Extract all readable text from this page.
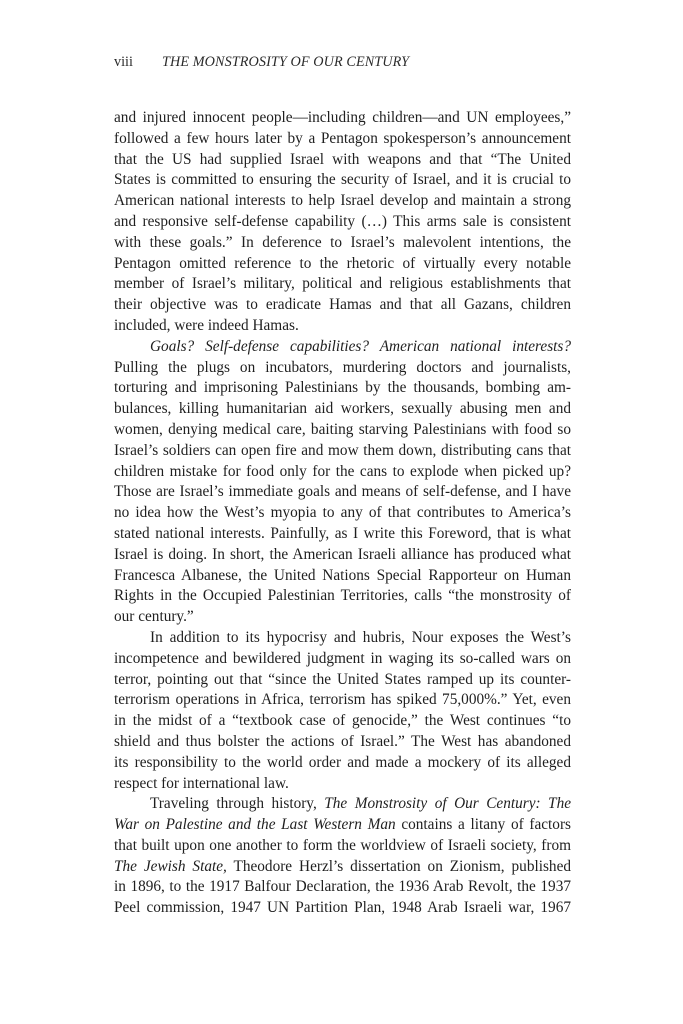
viii THE MONSTROSITY OF OUR CENTURY
and injured innocent people—including children—and UN employees,”
followed a few hours later by a Pentagon spokesperson’s announcement
that the US had supplied Israel with weapons and that “The United
States is committed to ensuring the security of Israel, and it is crucial to
American national interests to help Israel develop and maintain a strong
and responsive self-defense capability (…) This arms sale is consistent
with these goals.” In deference to Israel’s malevolent intentions, the
Pentagon omitted reference to the rhetoric of virtually every notable
member of Israel’s military, political and religious establishments that
their objective was to eradicate Hamas and that all Gazans, children
included, were indeed Hamas.
Goals? Self-defense capabilities? American national interests?
Pulling the plugs on incubators, murdering doctors and journalists,
torturing and imprisoning Palestinians by the thousands, bombing am-
bulances, killing humanitarian aid workers, sexually abusing men and
women, denying medical care, baiting starving Palestinians with food so
Israel’s soldiers can open fire and mow them down, distributing cans that
children mistake for food only for the cans to explode when picked up?
Those are Israel’s immediate goals and means of self-defense, and I have
no idea how the West’s myopia to any of that contributes to America’s
stated national interests. Painfully, as I write this Foreword, that is what
Israel is doing. In short, the American Israeli alliance has produced what
Francesca Albanese, the United Nations Special Rapporteur on Human
Rights in the Occupied Palestinian Territories, calls “the monstrosity of
our century.”
In addition to its hypocrisy and hubris, Nour exposes the West’s
incompetence and bewildered judgment in waging its so-called wars on
terror, pointing out that “since the United States ramped up its counter-
terrorism operations in Africa, terrorism has spiked 75,000%.” Yet, even
in the midst of a “textbook case of genocide,” the West continues “to
shield and thus bolster the actions of Israel.” The West has abandoned
its responsibility to the world order and made a mockery of its alleged
respect for international law.
Traveling through history, The Monstrosity of Our Century: The
War on Palestine and the Last Western Man contains a litany of factors
that built upon one another to form the worldview of Israeli society, from
The Jewish State, Theodore Herzl’s dissertation on Zionism, published
in 1896, to the 1917 Balfour Declaration, the 1936 Arab Revolt, the 1937
Peel commission, 1947 UN Partition Plan, 1948 Arab Israeli war, 1967
